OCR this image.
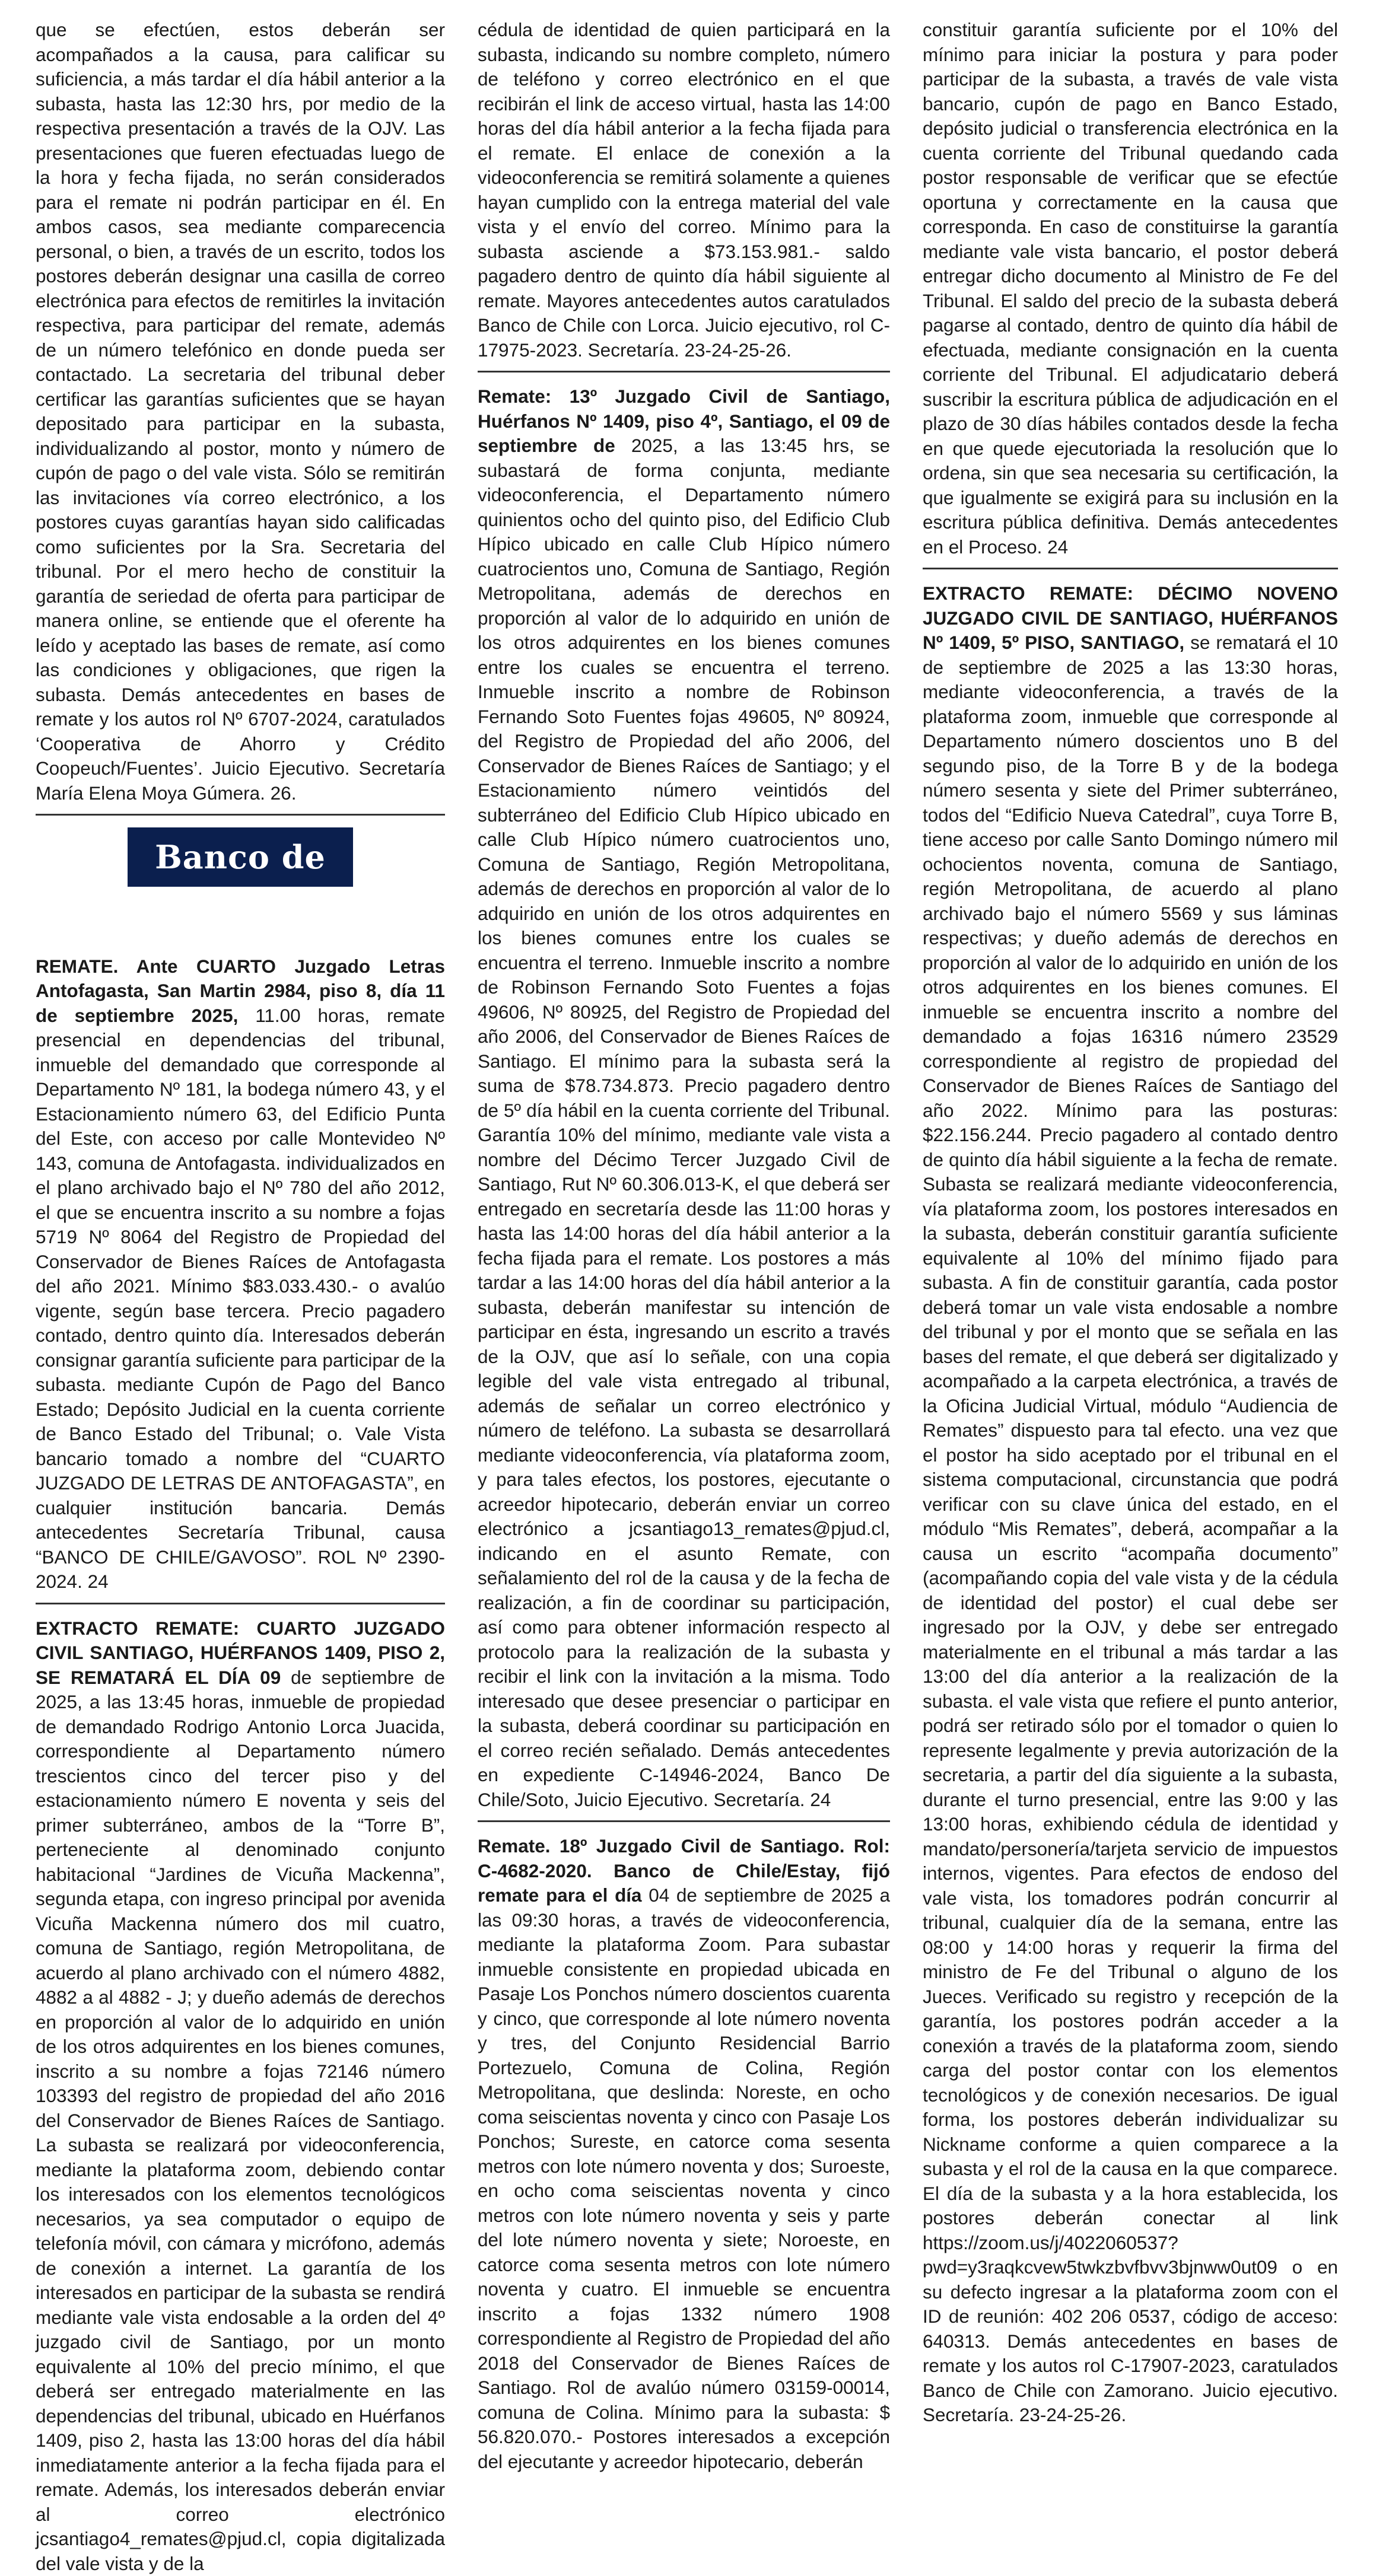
que se efectúen, estos deberán ser acompañados a la causa, para calificar su suficiencia, a más tardar el día hábil anterior a la subasta, hasta las 12:30 hrs, por medio de la respectiva presentación a través de la OJV. Las presentaciones que fueren efectuadas luego de la hora y fecha fijada, no serán considerados para el remate ni podrán participar en él. En ambos casos, sea mediante comparecencia personal, o bien, a través de un escrito, todos los postores deberán designar una casilla de correo electrónica para efectos de remitirles la invitación respectiva, para participar del remate, además de un número telefónico en donde pueda ser contactado. La secretaria del tribunal deber certificar las garantías suficientes que se hayan depositado para participar en la subasta, individualizando al postor, monto y número de cupón de pago o del vale vista. Sólo se remitirán las invitaciones vía correo electrónico, a los postores cuyas garantías hayan sido calificadas como suficientes por la Sra. Secretaria del tribunal. Por el mero hecho de constituir la garantía de seriedad de oferta para participar de manera online, se entiende que el oferente ha leído y aceptado las bases de remate, así como las condiciones y obligaciones, que rigen la subasta. Demás antecedentes en bases de remate y los autos rol Nº 6707-2024, caratulados ‘Cooperativa de Ahorro y Crédito Coopeuch/Fuentes’. Juicio Ejecutivo. Secretaría María Elena Moya Gúmera. 26.

Banco de Chile

REMATE. Ante CUARTO Juzgado Letras Antofagasta, San Martin 2984, piso 8, día 11 de septiembre 2025, 11.00 horas, remate presencial en dependencias del tribunal, inmueble del demandado que corresponde al Departamento Nº 181, la bodega número 43, y el Estacionamiento número 63, del Edificio Punta del Este, con acceso por calle Montevideo Nº 143, comuna de Antofagasta. individualizados en el plano archivado bajo el Nº 780 del año 2012, el que se encuentra inscrito a su nombre a fojas 5719 Nº 8064 del Registro de Propiedad del Conservador de Bienes Raíces de Antofagasta del año 2021. Mínimo $83.033.430.- o avalúo vigente, según base tercera. Precio pagadero contado, dentro quinto día. Interesados deberán consignar garantía suficiente para participar de la subasta. mediante Cupón de Pago del Banco Estado; Depósito Judicial en la cuenta corriente de Banco Estado del Tribunal; o. Vale Vista bancario tomado a nombre del “CUARTO JUZGADO DE LETRAS DE ANTOFAGASTA”, en cualquier institución bancaria. Demás antecedentes Secretaría Tribunal, causa “BANCO DE CHILE/GAVOSO”. ROL Nº 2390-2024. 24

EXTRACTO REMATE: CUARTO JUZGADO CIVIL SANTIAGO, HUÉRFANOS 1409, PISO 2, SE REMATARÁ EL DÍA 09 de septiembre de 2025, a las 13:45 horas, inmueble de propiedad de demandado Rodrigo Antonio Lorca Juacida, correspondiente al Departamento número trescientos cinco del tercer piso y del estacionamiento número E noventa y seis del primer subterráneo, ambos de la “Torre B”, perteneciente al denominado conjunto habitacional “Jardines de Vicuña Mackenna”, segunda etapa, con ingreso principal por avenida Vicuña Mackenna número dos mil cuatro, comuna de Santiago, región Metropolitana, de acuerdo al plano archivado con el número 4882, 4882 a al 4882 - J; y dueño además de derechos en proporción al valor de lo adquirido en unión de los otros adquirentes en los bienes comunes, inscrito a su nombre a fojas 72146 número 103393 del registro de propiedad del año 2016 del Conservador de Bienes Raíces de Santiago. La subasta se realizará por videoconferencia, mediante la plataforma zoom, debiendo contar los interesados con los elementos tecnológicos necesarios, ya sea computador o equipo de telefonía móvil, con cámara y micrófono, además de conexión a internet. La garantía de los interesados en participar de la subasta se rendirá mediante vale vista endosable a la orden del 4º juzgado civil de Santiago, por un monto equivalente al 10% del precio mínimo, el que deberá ser entregado materialmente en las dependencias del tribunal, ubicado en Huérfanos 1409, piso 2, hasta las 13:00 horas del día hábil inmediatamente anterior a la fecha fijada para el remate. Además, los interesados deberán enviar al correo electrónico jcsantiago4_remates@pjud.cl, copia digitalizada del vale vista y de la

cédula de identidad de quien participará en la subasta, indicando su nombre completo, número de teléfono y correo electrónico en el que recibirán el link de acceso virtual, hasta las 14:00 horas del día hábil anterior a la fecha fijada para el remate. El enlace de conexión a la videoconferencia se remitirá solamente a quienes hayan cumplido con la entrega material del vale vista y el envío del correo. Mínimo para la subasta asciende a $73.153.981.- saldo pagadero dentro de quinto día hábil siguiente al remate. Mayores antecedentes autos caratulados Banco de Chile con Lorca. Juicio ejecutivo, rol C-17975-2023. Secretaría. 23-24-25-26.

Remate: 13º Juzgado Civil de Santiago, Huérfanos Nº 1409, piso 4º, Santiago, el 09 de septiembre de 2025, a las 13:45 hrs, se subastará de forma conjunta, mediante videoconferencia, el Departamento número quinientos ocho del quinto piso, del Edificio Club Hípico ubicado en calle Club Hípico número cuatrocientos uno, Comuna de Santiago, Región Metropolitana, además de derechos en proporción al valor de lo adquirido en unión de los otros adquirentes en los bienes comunes entre los cuales se encuentra el terreno. Inmueble inscrito a nombre de Robinson Fernando Soto Fuentes fojas 49605, Nº 80924, del Registro de Propiedad del año 2006, del Conservador de Bienes Raíces de Santiago; y el Estacionamiento número veintidós del subterráneo del Edificio Club Hípico ubicado en calle Club Hípico número cuatrocientos uno, Comuna de Santiago, Región Metropolitana, además de derechos en proporción al valor de lo adquirido en unión de los otros adquirentes en los bienes comunes entre los cuales se encuentra el terreno. Inmueble inscrito a nombre de Robinson Fernando Soto Fuentes a fojas 49606, Nº 80925, del Registro de Propiedad del año 2006, del Conservador de Bienes Raíces de Santiago. El mínimo para la subasta será la suma de $78.734.873. Precio pagadero dentro de 5º día hábil en la cuenta corriente del Tribunal. Garantía 10% del mínimo, mediante vale vista a nombre del Décimo Tercer Juzgado Civil de Santiago, Rut Nº 60.306.013-K, el que deberá ser entregado en secretaría desde las 11:00 horas y hasta las 14:00 horas del día hábil anterior a la fecha fijada para el remate. Los postores a más tardar a las 14:00 horas del día hábil anterior a la subasta, deberán manifestar su intención de participar en ésta, ingresando un escrito a través de la OJV, que así lo señale, con una copia legible del vale vista entregado al tribunal, además de señalar un correo electrónico y número de teléfono. La subasta se desarrollará mediante videoconferencia, vía plataforma zoom, y para tales efectos, los postores, ejecutante o acreedor hipotecario, deberán enviar un correo electrónico a jcsantiago13_remates@pjud.cl, indicando en el asunto Remate, con señalamiento del rol de la causa y de la fecha de realización, a fin de coordinar su participación, así como para obtener información respecto al protocolo para la realización de la subasta y recibir el link con la invitación a la misma. Todo interesado que desee presenciar o participar en la subasta, deberá coordinar su participación en el correo recién señalado. Demás antecedentes en expediente C-14946-2024, Banco De Chile/Soto, Juicio Ejecutivo. Secretaría. 24

Remate. 18º Juzgado Civil de Santiago. Rol: C-4682-2020. Banco de Chile/Estay, fijó remate para el día 04 de septiembre de 2025 a las 09:30 horas, a través de videoconferencia, mediante la plataforma Zoom. Para subastar inmueble consistente en propiedad ubicada en Pasaje Los Ponchos número doscientos cuarenta y cinco, que corresponde al lote número noventa y tres, del Conjunto Residencial Barrio Portezuelo, Comuna de Colina, Región Metropolitana, que deslinda: Noreste, en ocho coma seiscientas noventa y cinco con Pasaje Los Ponchos; Sureste, en catorce coma sesenta metros con lote número noventa y dos; Suroeste, en ocho coma seiscientas noventa y cinco metros con lote número noventa y seis y parte del lote número noventa y siete; Noroeste, en catorce coma sesenta metros con lote número noventa y cuatro. El inmueble se encuentra inscrito a fojas 1332 número 1908 correspondiente al Registro de Propiedad del año 2018 del Conservador de Bienes Raíces de Santiago. Rol de avalúo número 03159-00014, comuna de Colina. Mínimo para la subasta: $ 56.820.070.- Postores interesados a excepción del ejecutante y acreedor hipotecario, deberán

constituir garantía suficiente por el 10% del mínimo para iniciar la postura y para poder participar de la subasta, a través de vale vista bancario, cupón de pago en Banco Estado, depósito judicial o transferencia electrónica en la cuenta corriente del Tribunal quedando cada postor responsable de verificar que se efectúe oportuna y correctamente en la causa que corresponda. En caso de constituirse la garantía mediante vale vista bancario, el postor deberá entregar dicho documento al Ministro de Fe del Tribunal. El saldo del precio de la subasta deberá pagarse al contado, dentro de quinto día hábil de efectuada, mediante consignación en la cuenta corriente del Tribunal. El adjudicatario deberá suscribir la escritura pública de adjudicación en el plazo de 30 días hábiles contados desde la fecha en que quede ejecutoriada la resolución que lo ordena, sin que sea necesaria su certificación, la que igualmente se exigirá para su inclusión en la escritura pública definitiva. Demás antecedentes en el Proceso. 24

EXTRACTO REMATE: DÉCIMO NOVENO JUZGADO CIVIL DE SANTIAGO, HUÉRFANOS Nº 1409, 5º PISO, SANTIAGO, se rematará el 10 de septiembre de 2025 a las 13:30 horas, mediante videoconferencia, a través de la plataforma zoom, inmueble que corresponde al Departamento número doscientos uno B del segundo piso, de la Torre B y de la bodega número sesenta y siete del Primer subterráneo, todos del “Edificio Nueva Catedral”, cuya Torre B, tiene acceso por calle Santo Domingo número mil ochocientos noventa, comuna de Santiago, región Metropolitana, de acuerdo al plano archivado bajo el número 5569 y sus láminas respectivas; y dueño además de derechos en proporción al valor de lo adquirido en unión de los otros adquirentes en los bienes comunes. El inmueble se encuentra inscrito a nombre del demandado a fojas 16316 número 23529 correspondiente al registro de propiedad del Conservador de Bienes Raíces de Santiago del año 2022. Mínimo para las posturas: $22.156.244. Precio pagadero al contado dentro de quinto día hábil siguiente a la fecha de remate. Subasta se realizará mediante videoconferencia, vía plataforma zoom, los postores interesados en la subasta, deberán constituir garantía suficiente equivalente al 10% del mínimo fijado para subasta. A fin de constituir garantía, cada postor deberá tomar un vale vista endosable a nombre del tribunal y por el monto que se señala en las bases del remate, el que deberá ser digitalizado y acompañado a la carpeta electrónica, a través de la Oficina Judicial Virtual, módulo “Audiencia de Remates” dispuesto para tal efecto. una vez que el postor ha sido aceptado por el tribunal en el sistema computacional, circunstancia que podrá verificar con su clave única del estado, en el módulo “Mis Remates”, deberá, acompañar a la causa un escrito “acompaña documento” (acompañando copia del vale vista y de la cédula de identidad del postor) el cual debe ser ingresado por la OJV, y debe ser entregado materialmente en el tribunal a más tardar a las 13:00 del día anterior a la realización de la subasta. el vale vista que refiere el punto anterior, podrá ser retirado sólo por el tomador o quien lo represente legalmente y previa autorización de la secretaria, a partir del día siguiente a la subasta, durante el turno presencial, entre las 9:00 y las 13:00 horas, exhibiendo cédula de identidad y mandato/personería/tarjeta servicio de impuestos internos, vigentes. Para efectos de endoso del vale vista, los tomadores podrán concurrir al tribunal, cualquier día de la semana, entre las 08:00 y 14:00 horas y requerir la firma del ministro de Fe del Tribunal o alguno de los Jueces. Verificado su registro y recepción de la garantía, los postores podrán acceder a la conexión a través de la plataforma zoom, siendo carga del postor contar con los elementos tecnológicos y de conexión necesarios. De igual forma, los postores deberán individualizar su Nickname conforme a quien comparece a la subasta y el rol de la causa en la que comparece. El día de la subasta y a la hora establecida, los postores deberán conectar al link https://zoom.us/j/4022060537?pwd=y3raqkcvew5twkzbvfbvv3bjnww0ut09 o en su defecto ingresar a la plataforma zoom con el ID de reunión: 402 206 0537, código de acceso: 640313. Demás antecedentes en bases de remate y los autos rol C-17907-2023, caratulados Banco de Chile con Zamorano. Juicio ejecutivo. Secretaría. 23-24-25-26.
